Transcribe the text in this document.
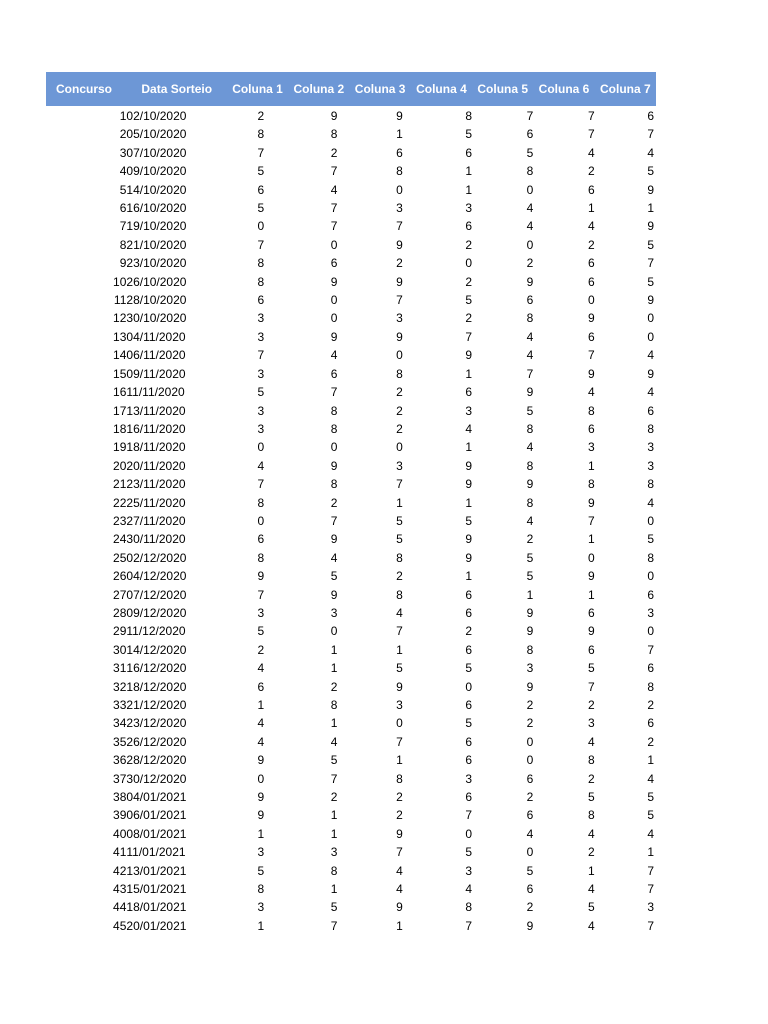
Concurso	Data Sorteio	Coluna 1	Coluna 2	Coluna 3	Coluna 4	Coluna 5	Coluna 6	Coluna 7
1	02/10/2020	2	9	9	8	7	7	6
2	05/10/2020	8	8	1	5	6	7	7
3	07/10/2020	7	2	6	6	5	4	4
4	09/10/2020	5	7	8	1	8	2	5
5	14/10/2020	6	4	0	1	0	6	9
6	16/10/2020	5	7	3	3	4	1	1
7	19/10/2020	0	7	7	6	4	4	9
8	21/10/2020	7	0	9	2	0	2	5
9	23/10/2020	8	6	2	0	2	6	7
10	26/10/2020	8	9	9	2	9	6	5
11	28/10/2020	6	0	7	5	6	0	9
12	30/10/2020	3	0	3	2	8	9	0
13	04/11/2020	3	9	9	7	4	6	0
14	06/11/2020	7	4	0	9	4	7	4
15	09/11/2020	3	6	8	1	7	9	9
16	11/11/2020	5	7	2	6	9	4	4
17	13/11/2020	3	8	2	3	5	8	6
18	16/11/2020	3	8	2	4	8	6	8
19	18/11/2020	0	0	0	1	4	3	3
20	20/11/2020	4	9	3	9	8	1	3
21	23/11/2020	7	8	7	9	9	8	8
22	25/11/2020	8	2	1	1	8	9	4
23	27/11/2020	0	7	5	5	4	7	0
24	30/11/2020	6	9	5	9	2	1	5
25	02/12/2020	8	4	8	9	5	0	8
26	04/12/2020	9	5	2	1	5	9	0
27	07/12/2020	7	9	8	6	1	1	6
28	09/12/2020	3	3	4	6	9	6	3
29	11/12/2020	5	0	7	2	9	9	0
30	14/12/2020	2	1	1	6	8	6	7
31	16/12/2020	4	1	5	5	3	5	6
32	18/12/2020	6	2	9	0	9	7	8
33	21/12/2020	1	8	3	6	2	2	2
34	23/12/2020	4	1	0	5	2	3	6
35	26/12/2020	4	4	7	6	0	4	2
36	28/12/2020	9	5	1	6	0	8	1
37	30/12/2020	0	7	8	3	6	2	4
38	04/01/2021	9	2	2	6	2	5	5
39	06/01/2021	9	1	2	7	6	8	5
40	08/01/2021	1	1	9	0	4	4	4
41	11/01/2021	3	3	7	5	0	2	1
42	13/01/2021	5	8	4	3	5	1	7
43	15/01/2021	8	1	4	4	6	4	7
44	18/01/2021	3	5	9	8	2	5	3
45	20/01/2021	1	7	1	7	9	4	7
